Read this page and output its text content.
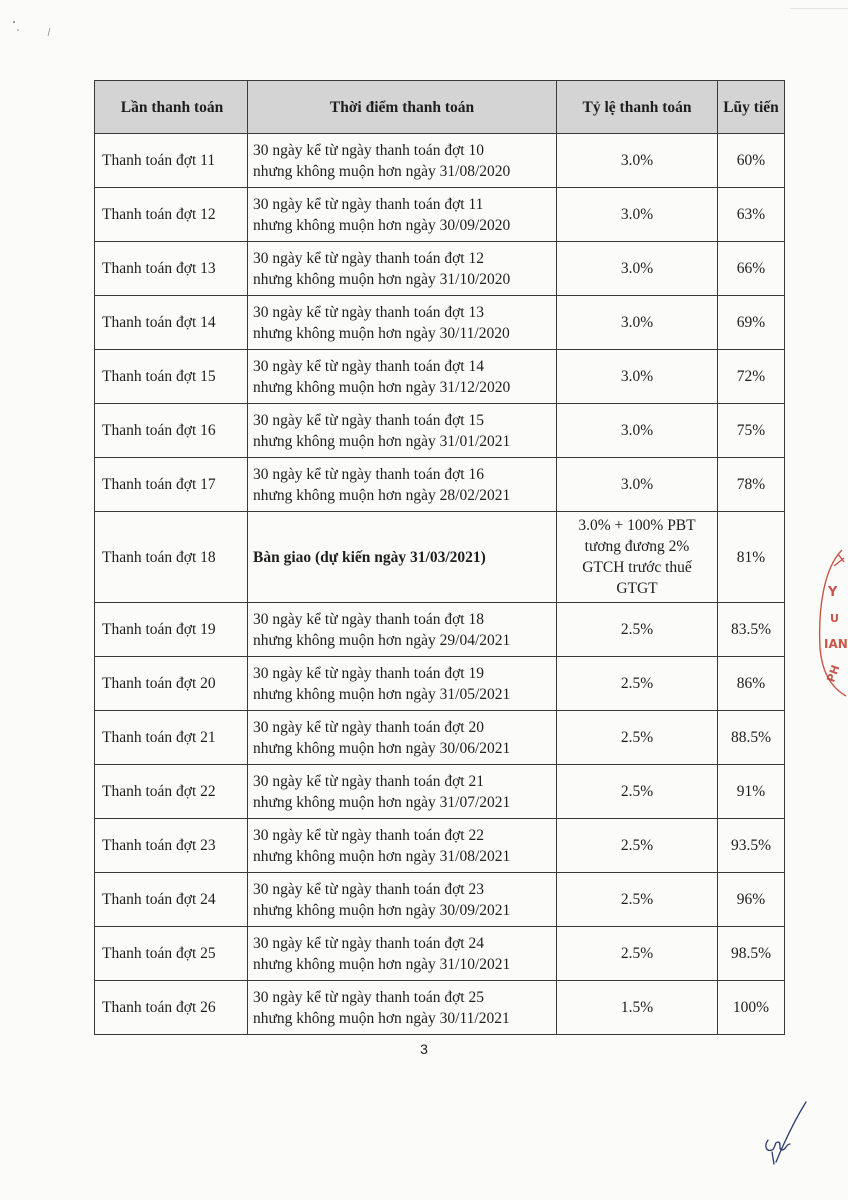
Lần thanh toán	Thời điểm thanh toán	Tỷ lệ thanh toán	Lũy tiến
Thanh toán đợt 11	30 ngày kể từ ngày thanh toán đợt 10
nhưng không muộn hơn ngày 31/08/2020	3.0%	60%
Thanh toán đợt 12	30 ngày kể từ ngày thanh toán đợt 11
nhưng không muộn hơn ngày 30/09/2020	3.0%	63%
Thanh toán đợt 13	30 ngày kể từ ngày thanh toán đợt 12
nhưng không muộn hơn ngày 31/10/2020	3.0%	66%
Thanh toán đợt 14	30 ngày kể từ ngày thanh toán đợt 13
nhưng không muộn hơn ngày 30/11/2020	3.0%	69%
Thanh toán đợt 15	30 ngày kể từ ngày thanh toán đợt 14
nhưng không muộn hơn ngày 31/12/2020	3.0%	72%
Thanh toán đợt 16	30 ngày kể từ ngày thanh toán đợt 15
nhưng không muộn hơn ngày 31/01/2021	3.0%	75%
Thanh toán đợt 17	30 ngày kể từ ngày thanh toán đợt 16
nhưng không muộn hơn ngày 28/02/2021	3.0%	78%
Thanh toán đợt 18	Bàn giao (dự kiến ngày 31/03/2021)	3.0% + 100% PBT
tương đương 2%
GTCH trước thuế
GTGT	81%
Thanh toán đợt 19	30 ngày kể từ ngày thanh toán đợt 18
nhưng không muộn hơn ngày 29/04/2021	2.5%	83.5%
Thanh toán đợt 20	30 ngày kể từ ngày thanh toán đợt 19
nhưng không muộn hơn ngày 31/05/2021	2.5%	86%
Thanh toán đợt 21	30 ngày kể từ ngày thanh toán đợt 20
nhưng không muộn hơn ngày 30/06/2021	2.5%	88.5%
Thanh toán đợt 22	30 ngày kể từ ngày thanh toán đợt 21
nhưng không muộn hơn ngày 31/07/2021	2.5%	91%
Thanh toán đợt 23	30 ngày kể từ ngày thanh toán đợt 22
nhưng không muộn hơn ngày 31/08/2021	2.5%	93.5%
Thanh toán đợt 24	30 ngày kể từ ngày thanh toán đợt 23
nhưng không muộn hơn ngày 30/09/2021	2.5%	96%
Thanh toán đợt 25	30 ngày kể từ ngày thanh toán đợt 24
nhưng không muộn hơn ngày 31/10/2021	2.5%	98.5%
Thanh toán đợt 26	30 ngày kể từ ngày thanh toán đợt 25
nhưng không muộn hơn ngày 30/11/2021	1.5%	100%
3
Y
U
IAN
PH
